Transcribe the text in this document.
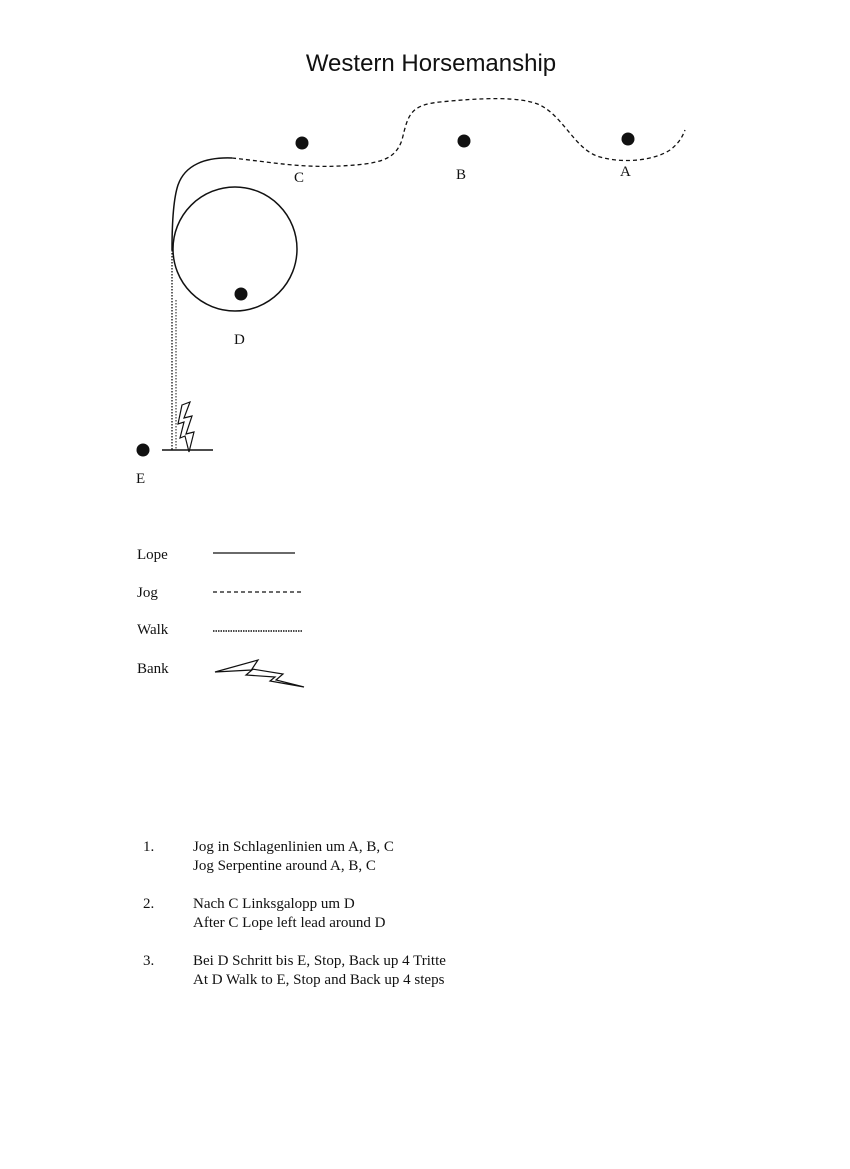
Western Horsemanship
A
B
C
D
E
Lope
Jog
Walk
Bank
1.	Jog in Schlagenlinien um A, B, C
Jog Serpentine around A, B, C
2.	Nach C Linksgalopp um D
After C Lope left lead around D
3.	Bei D Schritt bis E, Stop, Back up 4 Tritte
At D Walk to E, Stop and Back up 4 steps
